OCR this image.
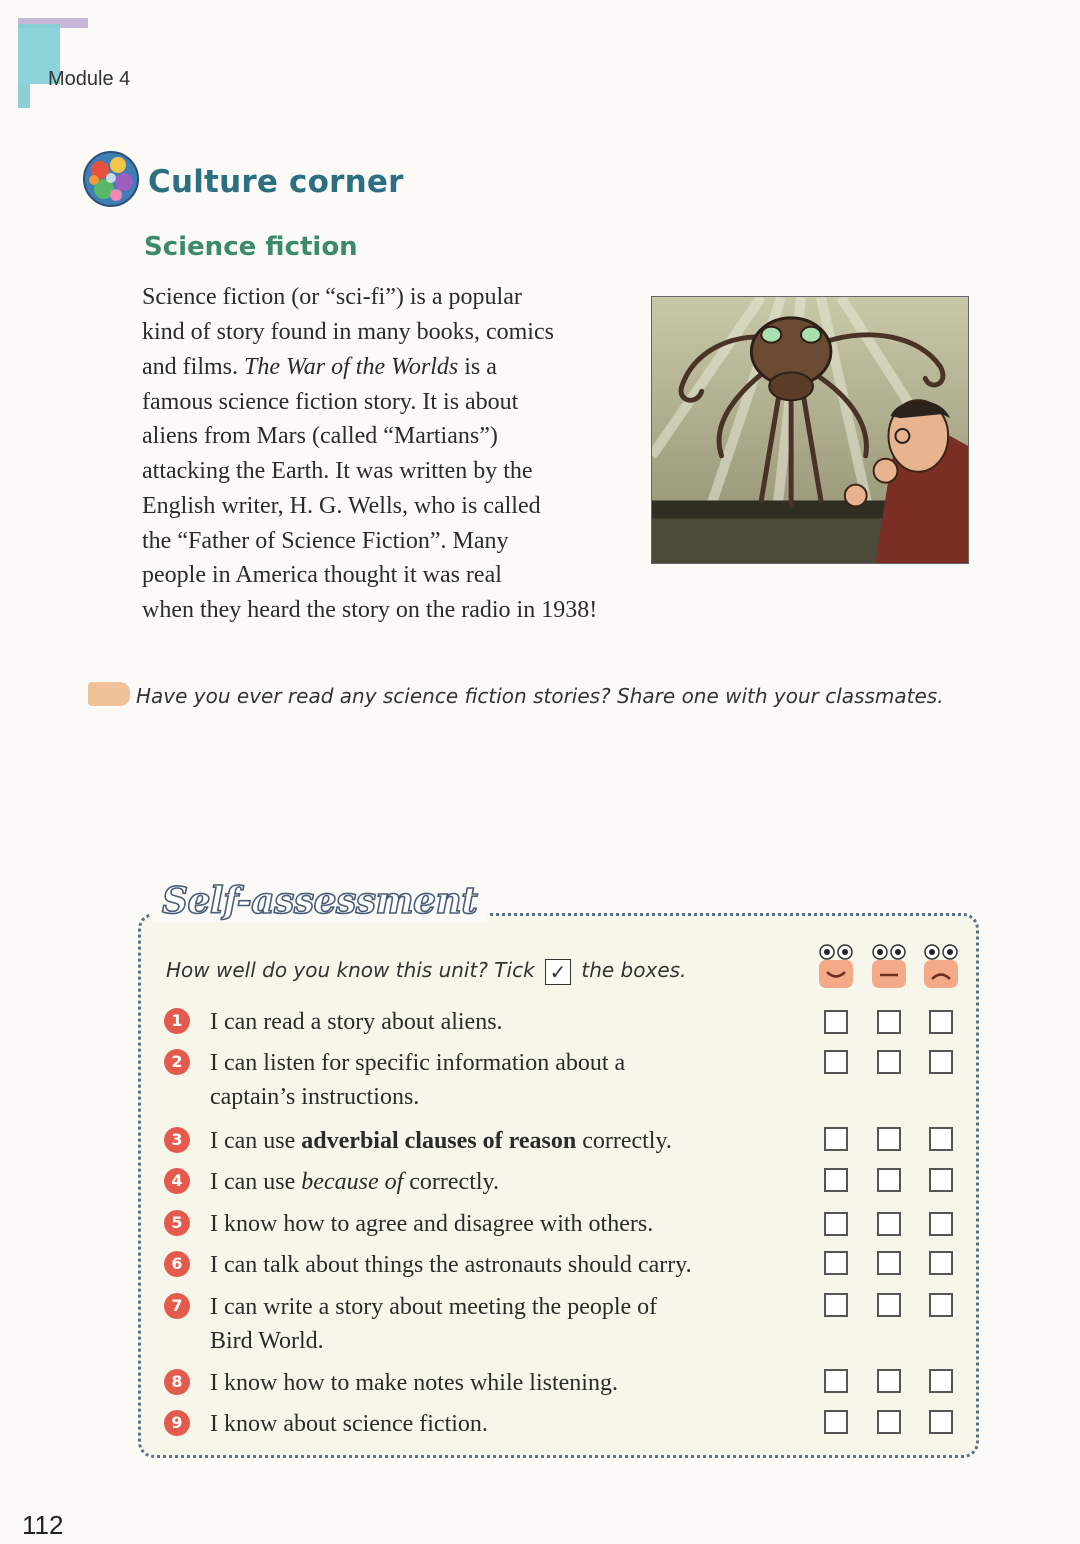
Module 4
Culture corner
Science fiction
Science fiction (or “sci-fi”) is a popular
kind of story found in many books, comics
and films. The War of the Worlds is a
famous science fiction story. It is about
aliens from Mars (called “Martians”)
attacking the Earth. It was written by the
English writer, H. G. Wells, who is called
the “Father of Science Fiction”. Many
people in America thought it was real
when they heard the story on the radio in 1938!
Have you ever read any science fiction stories? Share one with your classmates.
Self-assessment
How well do you know this unit? Tick ✓ the boxes.
1	I can read a story about aliens.
2	I can listen for specific information about a
captain’s instructions.
3	I can use adverbial clauses of reason correctly.
4	I can use because of correctly.
5	I know how to agree and disagree with others.
6	I can talk about things the astronauts should carry.
7	I can write a story about meeting the people of
Bird World.
8	I know how to make notes while listening.
9	I know about science fiction.
112
